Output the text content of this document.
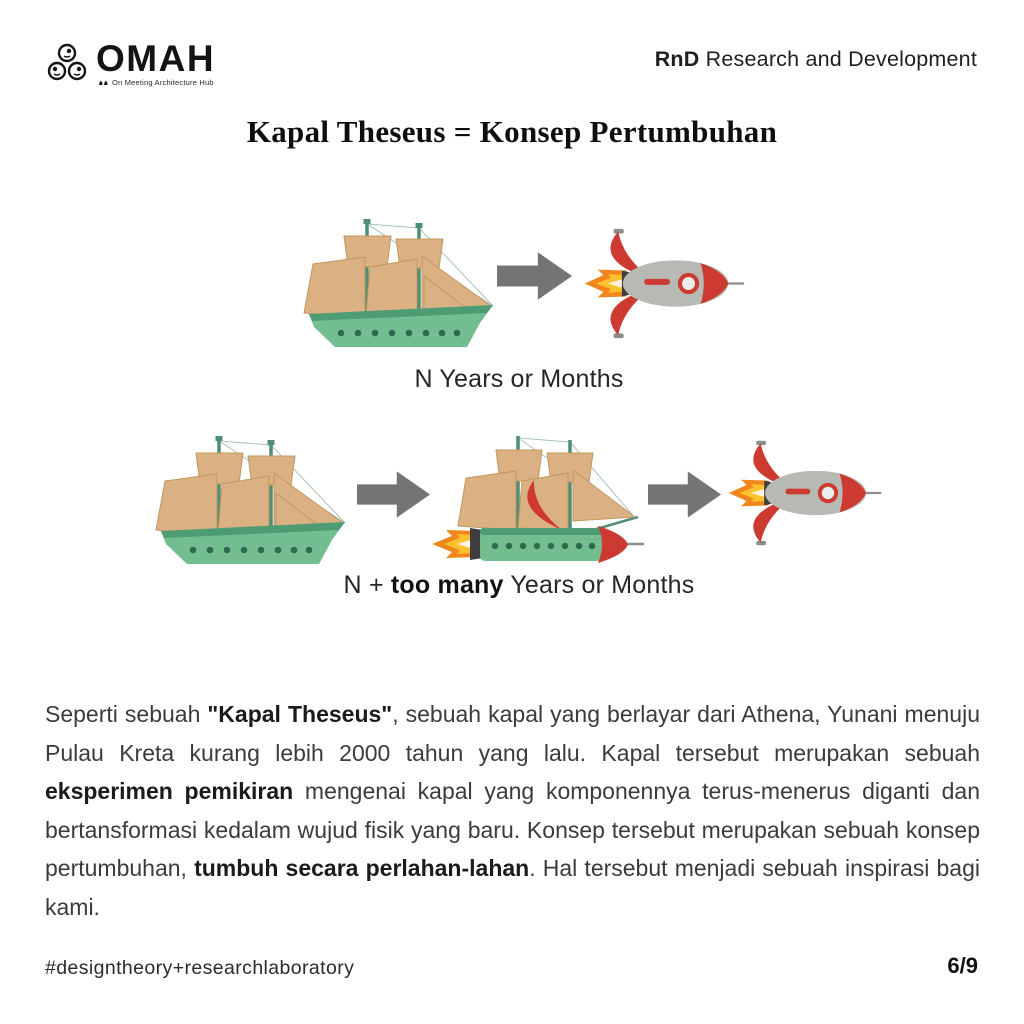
OMAH
On Meeting Architecture Hub
RnD Research and Development
Kapal Theseus = Konsep Pertumbuhan
N Years or Months
N + too many Years or Months

Seperti sebuah "Kapal Theseus", sebuah kapal yang berlayar dari Athena, Yunani menuju Pulau Kreta kurang lebih 2000 tahun yang lalu. Kapal tersebut merupakan sebuah eksperimen pemikiran mengenai kapal yang komponennya terus-menerus diganti dan bertansformasi kedalam wujud fisik yang baru. Konsep tersebut merupakan sebuah konsep pertumbuhan, tumbuh secara perlahan-lahan. Hal tersebut menjadi sebuah inspirasi bagi kami.

#designtheory+researchlaboratory	6/9
